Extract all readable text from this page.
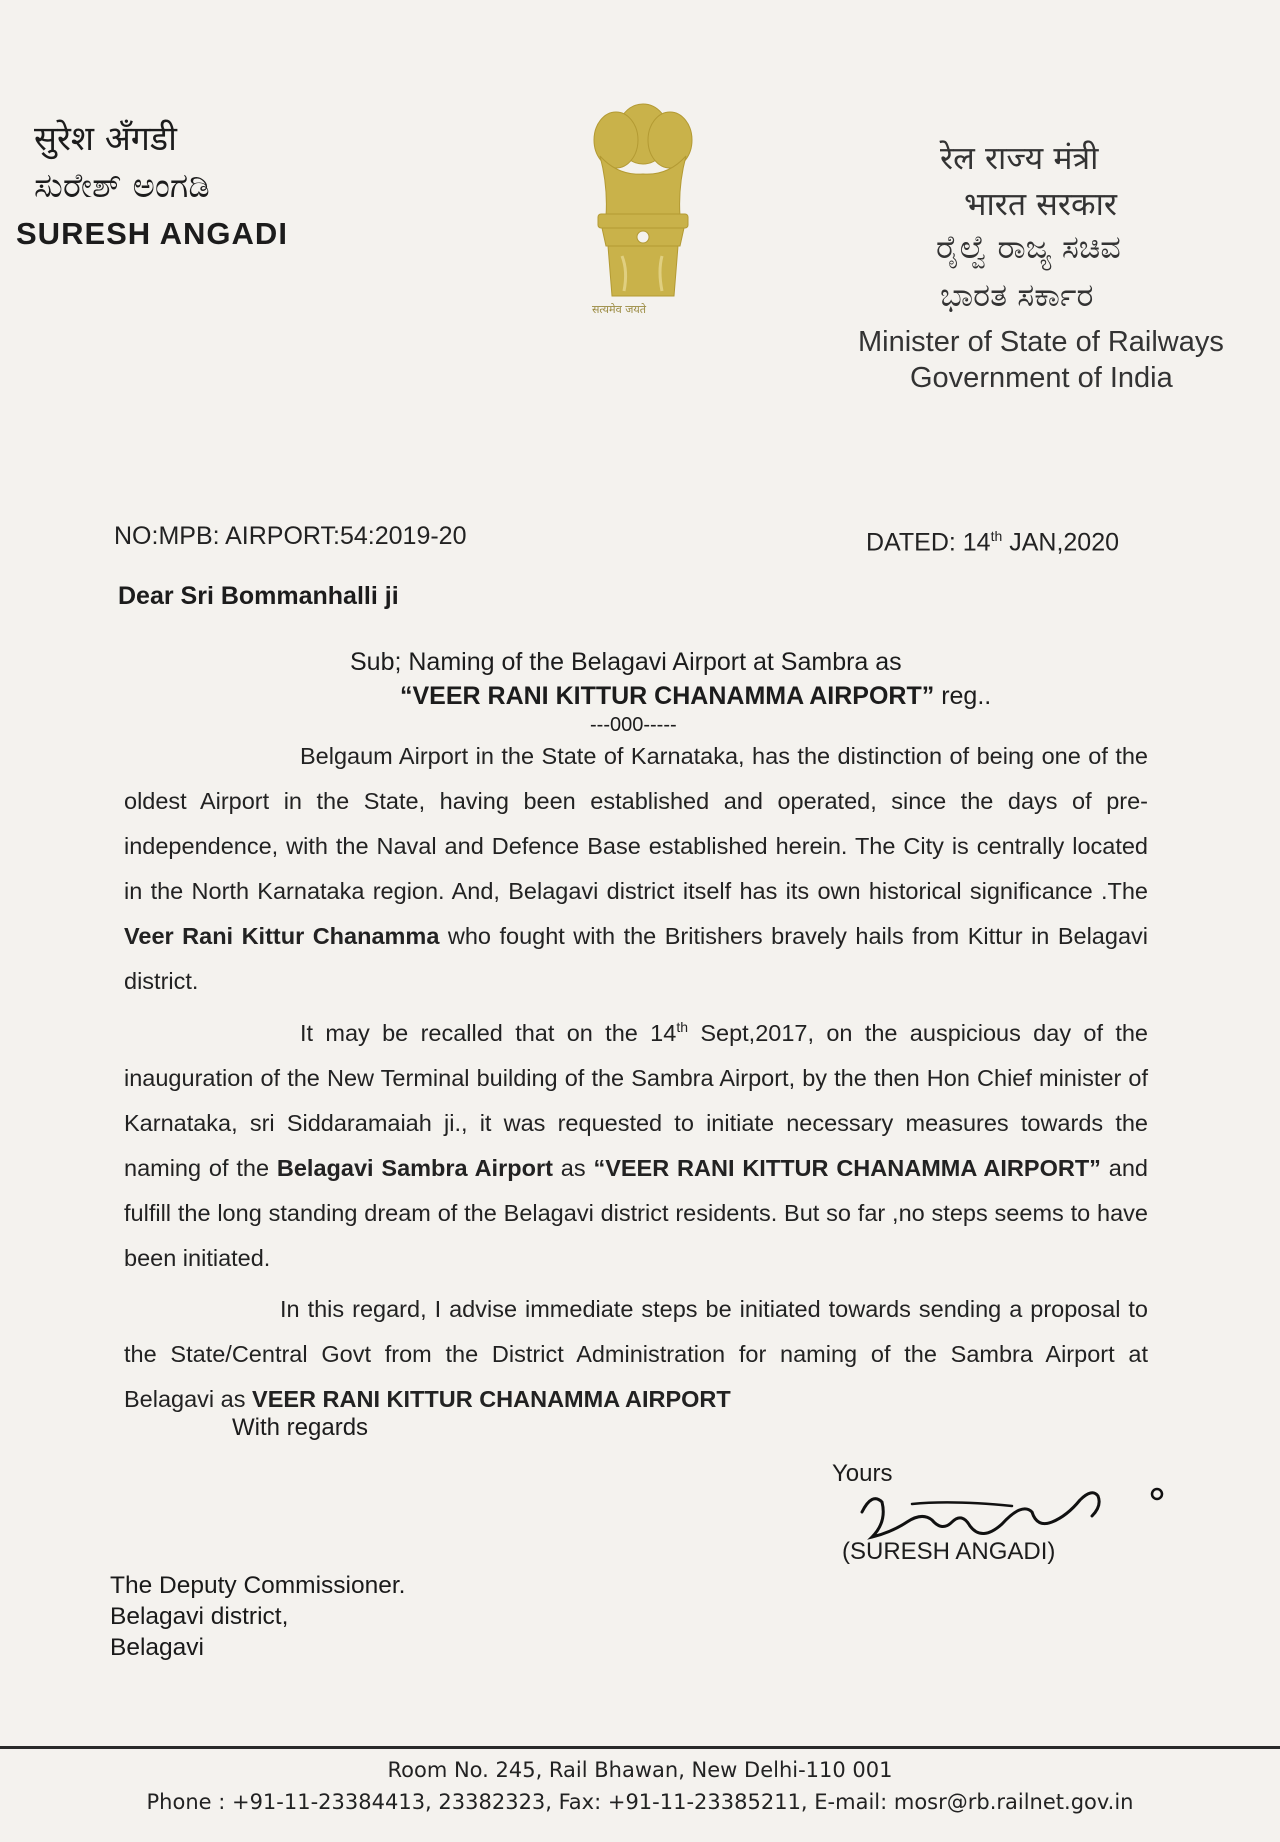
सुरेश अँगडी
ಸುರೇಶ್ ಅಂಗಡಿ
SURESH ANGADI
सत्यमेव जयते
रेल राज्य मंत्री
भारत सरकार
ರೈಲ್ವೆ ರಾಜ್ಯ ಸಚಿವ
ಭಾರತ ಸರ್ಕಾರ
Minister of State of Railways
Government of India
NO:MPB: AIRPORT:54:2019-20	DATED: 14th JAN,2020
Dear Sri Bommanhalli ji
Sub; Naming of the Belagavi Airport at Sambra as
“VEER RANI KITTUR CHANAMMA AIRPORT” reg..
---000-----

Belgaum Airport in the State of Karnataka, has the distinction of being one of the oldest Airport in the State, having been established and operated, since the days of pre-independence, with the Naval and Defence Base established herein. The City is centrally located in the North Karnataka region. And, Belagavi district itself has its own historical significance .The Veer Rani Kittur Chanamma who fought with the Britishers bravely hails from Kittur in Belagavi district.

It may be recalled that on the 14th Sept,2017, on the auspicious day of the inauguration of the New Terminal building of the Sambra Airport, by the then Hon Chief minister of Karnataka, sri Siddaramaiah ji., it was requested to initiate necessary measures towards the naming of the Belagavi Sambra Airport as “VEER RANI KITTUR CHANAMMA AIRPORT” and fulfill the long standing dream of the Belagavi district residents. But so far ,no steps seems to have been initiated.

In this regard, I advise immediate steps be initiated towards sending a proposal to the State/Central Govt from the District Administration for naming of the Sambra Airport at Belagavi as VEER RANI KITTUR CHANAMMA AIRPORT

With regards
Yours
(SURESH ANGADI)
The Deputy Commissioner.
Belagavi district,
Belagavi
Room No. 245, Rail Bhawan, New Delhi-110 001
Phone : +91-11-23384413, 23382323, Fax: +91-11-23385211, E-mail: mosr@rb.railnet.gov.in
